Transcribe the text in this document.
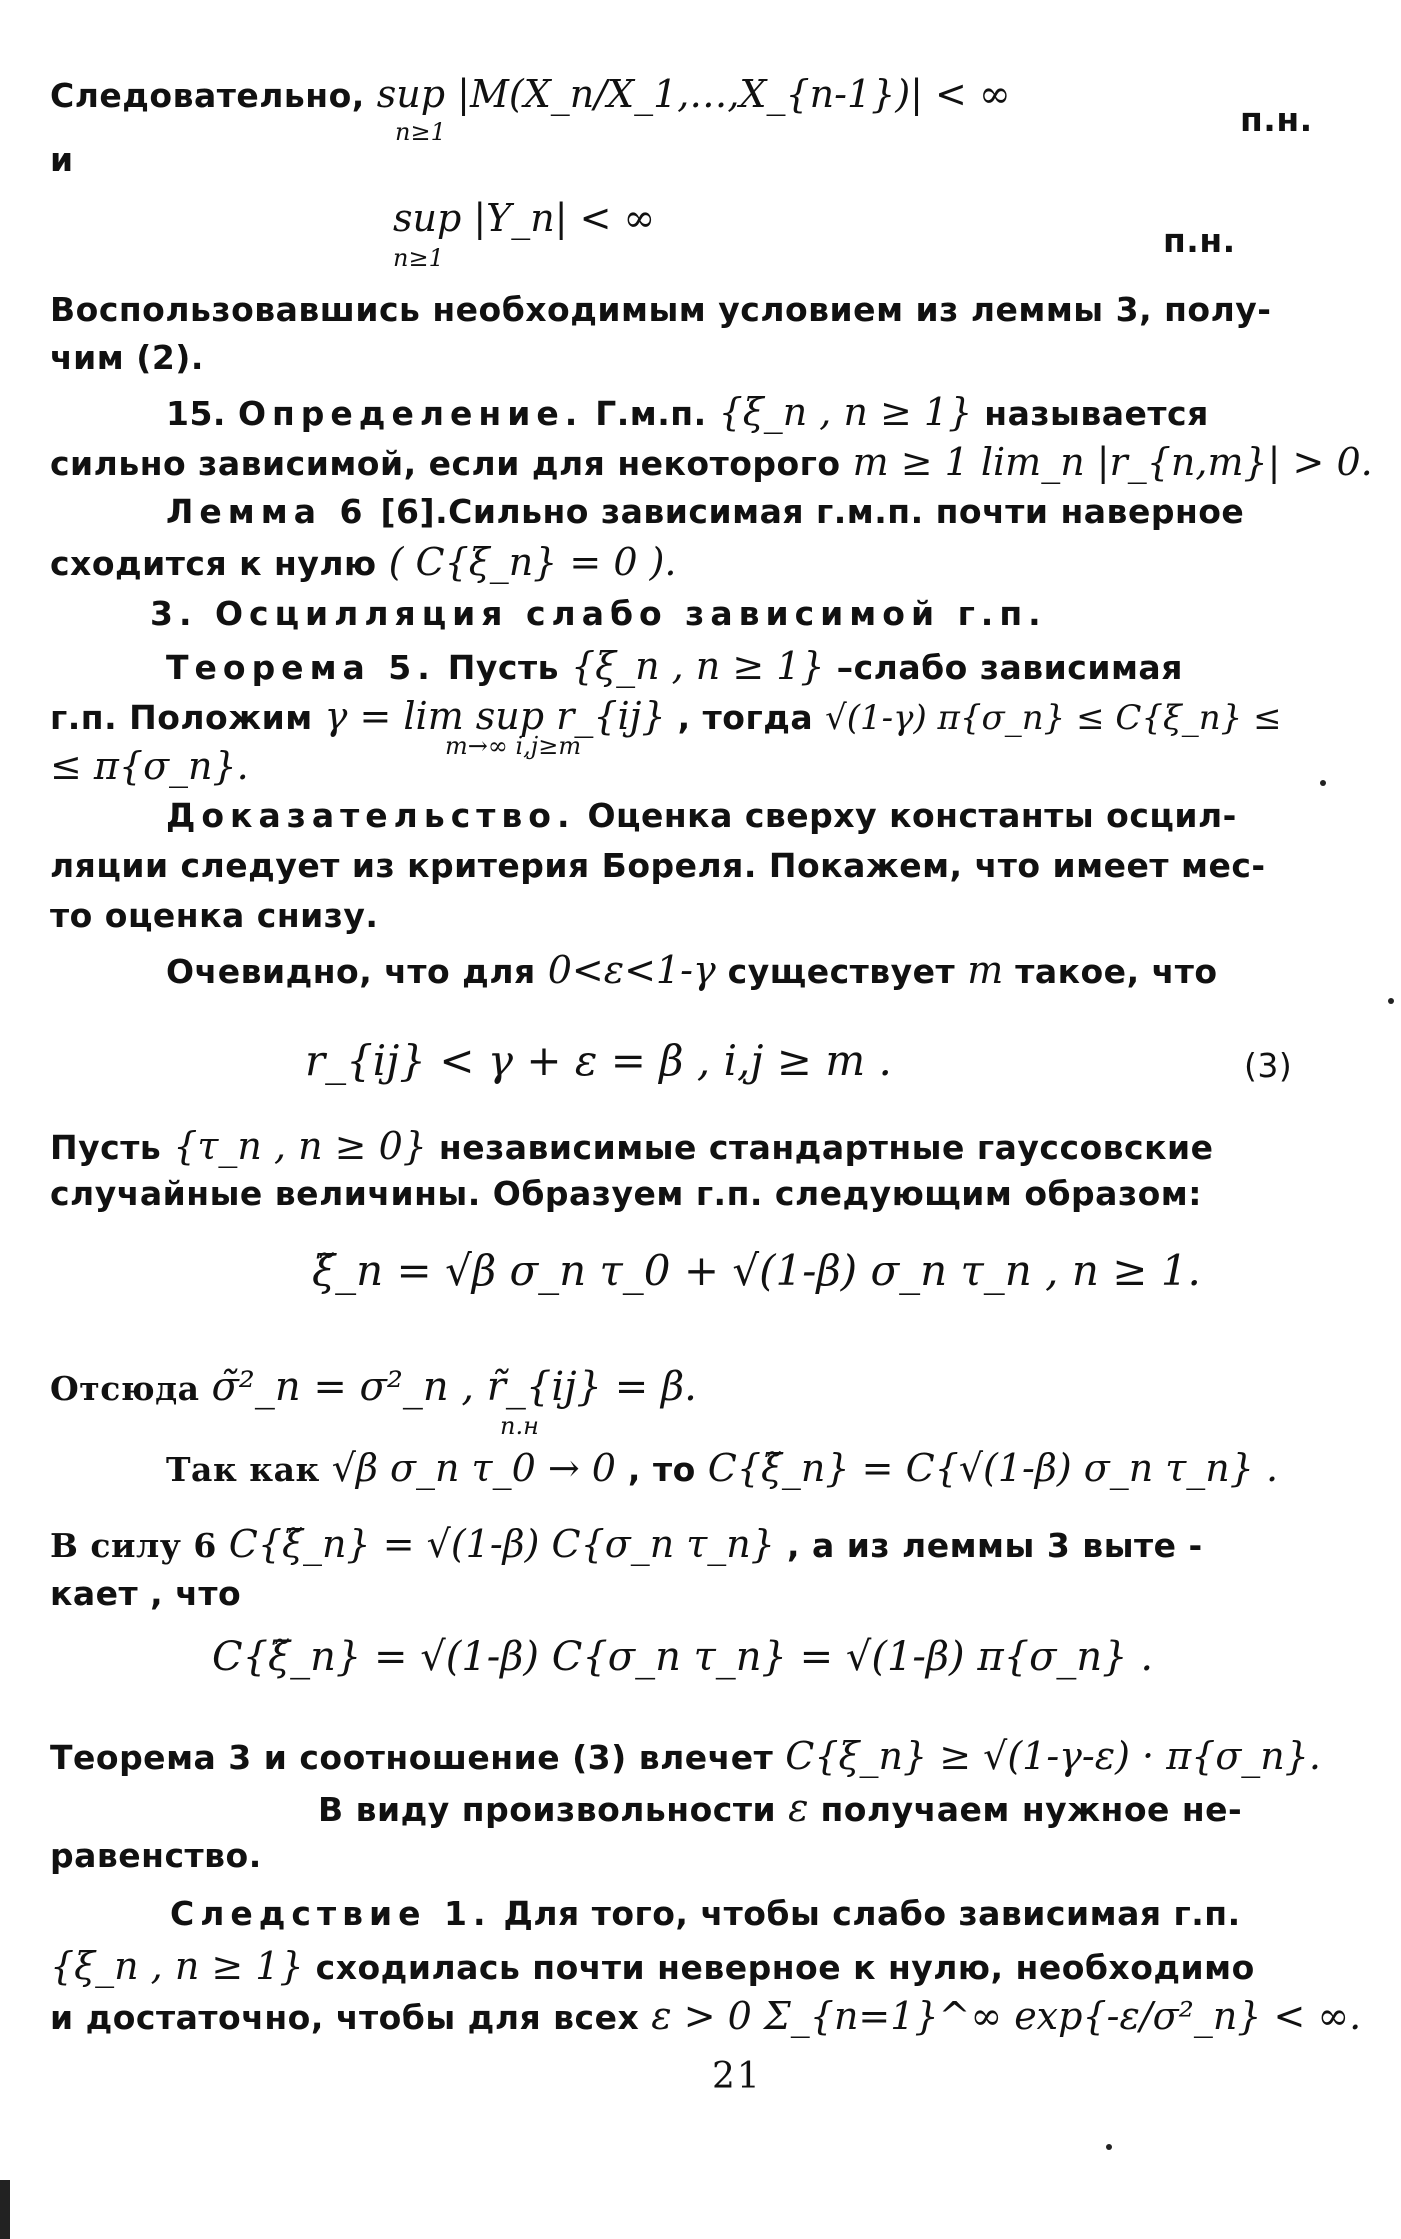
Следовательно, sup |M(X_n/X_1,…,X_{n-1})| < ∞
n≥1	п.н.
и
sup |Y_n| < ∞
n≥1	п.н.
Воспользовавшись необходимым условием из леммы 3, полу-
чим (2).
15. Определение. Г.м.п. {ξ_n , n ≥ 1} называется
сильно зависимой, если для некоторого m ≥ 1 lim_n |r_{n,m}| > 0.
Лемма 6 [6].Сильно зависимая г.м.п. почти наверное
сходится к нулю ( C{ξ_n} = 0 ).
3. Осцилляция слабо зависимой г.п.
Теорема 5. Пусть {ξ_n , n ≥ 1} –слабо зависимая
г.п. Положим γ = lim sup r_{ij} , тогда √(1-γ) π{σ_n} ≤ C{ξ_n} ≤
m→∞ i,j≥m
≤ π{σ_n}.
Доказательство. Оценка сверху константы осцил-
ляции следует из критерия Бореля. Покажем, что имеет мес-
то оценка снизу.
Очевидно, что для 0<ε<1-γ существует m такое, что
r_{ij} < γ + ε = β , i,j ≥ m .	(3)
Пусть {τ_n , n ≥ 0} независимые стандартные гауссовские
случайные величины. Образуем г.п. следующим образом:
ξ̃_n = √β σ_n τ_0 + √(1-β) σ_n τ_n , n ≥ 1.
Отсюда σ̃²_n = σ²_n , r̃_{ij} = β.
Так как √β σ_n τ_0 → 0 , то C{ξ̃_n} = C{√(1-β) σ_n τ_n} .
п.н
В силу 6 C{ξ̃_n} = √(1-β) C{σ_n τ_n} , а из леммы 3 выте -
кает , что
C{ξ̃_n} = √(1-β) C{σ_n τ_n} = √(1-β) π{σ_n} .
Теорема 3 и соотношение (3) влечет C{ξ_n} ≥ √(1-γ-ε) · π{σ_n}.
В виду произвольности ε получаем нужное не-
равенство.
Следствие 1. Для того, чтобы слабо зависимая г.п.
{ξ_n , n ≥ 1} сходилась почти неверное к нулю, необходимо
и достаточно, чтобы для всех ε > 0 Σ_{n=1}^∞ exp{-ε/σ²_n} < ∞.
21
